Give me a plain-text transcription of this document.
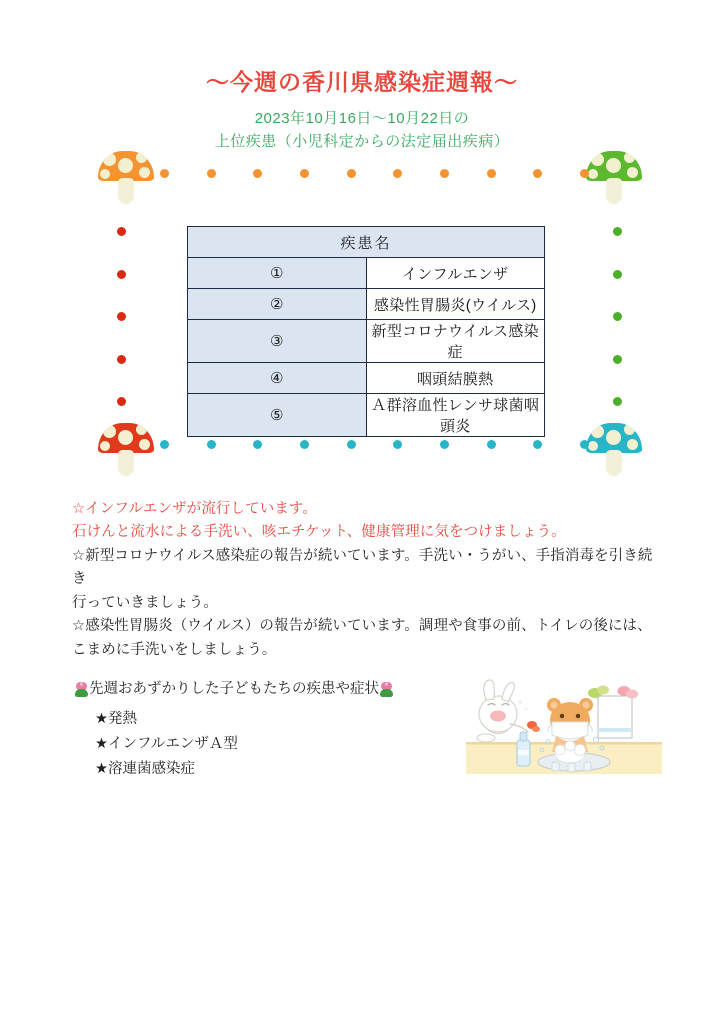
〜今週の香川県感染症週報〜
2023年10月16日〜10月22日の
上位疾患（小児科定からの法定届出疾病）
疾患名	
①	インフルエンザ
②	感染性胃腸炎(ウイルス)
③	新型コロナウイルス感染症
④	咽頭結膜熱
⑤	Ａ群溶血性レンサ球菌咽頭炎
☆インフルエンザが流行しています。
石けんと流水による手洗い、咳エチケット、健康管理に気をつけましょう。
☆新型コロナウイルス感染症の報告が続いています。手洗い・うがい、手指消毒を引き続き
行っていきましょう。
☆感染性胃腸炎（ウイルス）の報告が続いています。調理や食事の前、トイレの後には、
こまめに手洗いをしましょう。
先週おあずかりした子どもたちの疾患や症状
★発熱
★インフルエンザＡ型
★溶連菌感染症
